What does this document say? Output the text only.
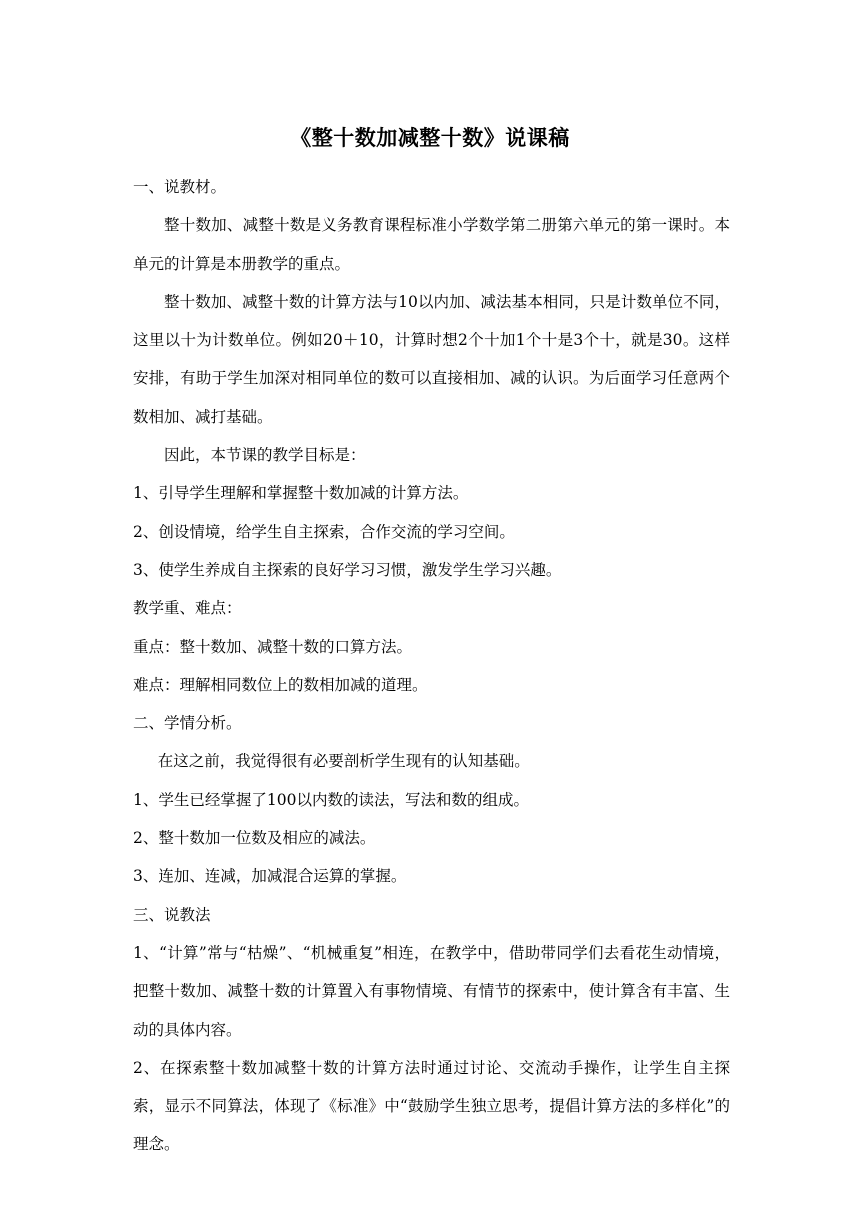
《整十数加减整十数》说课稿

一、说教材。

整十数加、减整十数是义务教育课程标准小学数学第二册第六单元的第一课时。本单元的计算是本册教学的重点。

整十数加、减整十数的计算方法与10以内加、减法基本相同，只是计数单位不同，这里以十为计数单位。例如20＋10，计算时想2个十加1个十是3个十，就是30。这样安排，有助于学生加深对相同单位的数可以直接相加、减的认识。为后面学习任意两个数相加、减打基础。

因此，本节课的教学目标是：

1、引导学生理解和掌握整十数加减的计算方法。

2、创设情境，给学生自主探索，合作交流的学习空间。

3、使学生养成自主探索的良好学习习惯，激发学生学习兴趣。

教学重、难点：

重点：整十数加、减整十数的口算方法。

难点：理解相同数位上的数相加减的道理。

二、学情分析。

在这之前，我觉得很有必要剖析学生现有的认知基础。

1、学生已经掌握了100以内数的读法，写法和数的组成。

2、整十数加一位数及相应的减法。

3、连加、连减，加减混合运算的掌握。

三、说教法

1、“计算”常与“枯燥”、“机械重复”相连，在教学中，借助带同学们去看花生动情境，把整十数加、减整十数的计算置入有事物情境、有情节的探索中，使计算含有丰富、生动的具体内容。

2、在探索整十数加减整十数的计算方法时通过讨论、交流动手操作，让学生自主探索，显示不同算法，体现了《标准》中“鼓励学生独立思考，提倡计算方法的多样化”的理念。
